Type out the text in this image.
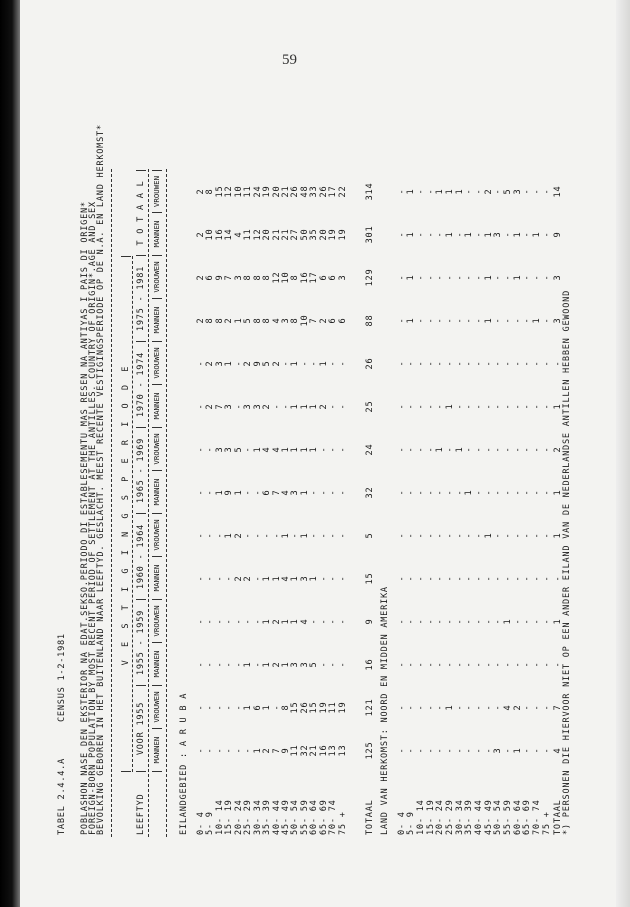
59
TABEL 2.4.4.A
CENSUS 1-2-1981 POBLASHON NASE DEN EKSTERIOR NA EDAT.SEKSO.PERIODO DI ESTABLESEMENTU MAS RESEN NA ANTIYAS I PAIS DI ORIGEN*
FOREIGN-BORN POPULATION BY MOST RECENT PERIOD OF SETTLEMENT AT THE ANTILLES. COUNTRY OF ORIGIN*.AGE AND SEX
BEVOLKING GEBOREN IN HET BUITENLAND NAAR LEEFTYD. GESLACHT. MEEST RECENTE VESTIGINGSPERIODE OP DE N.A. EN LAND HERKOMST* V E S T I G I N G S P E R I O D E
LEEFTYD
VOOR 1955
1955 - 1959
1960 - 1964
1965 - 1969
1970 - 1974
1975 - 1981
T O T A A L
MANNEN
VROUWEN
MANNEN
VROUWEN
MANNEN
VROUWEN
MANNEN
VROUWEN
MANNEN
VROUWEN
MANNEN
VROUWEN
MANNEN
VROUWEN
EILANDGEBIED : A R U B A 0- 4
-
-
-
-
-
-
-
-
-
-
2
2
2
2
5- 9
-
-
-
-
-
-
-
-
2
2
8
6
10
8
10- 14
-
-
-
-
-
-
1
3
7
3
8
9
16
15
15- 19
-
-
-
-
-
1
9
3
3
1
2
7
14
12
20- 24
-
-
-
-
2
2
1
5
-
-
1
3
4
10
25- 29
-
1
1
-
2
-
-
-
3
2
5
8
11
11
30- 34
1
6
-
-
-
-
-
1
3
9
8
8
12
24
35- 39
2
1
1
1
1
-
6
4
2
5
8
8
20
19
40- 44
7
-
2
2
1
-
7
4
-
2
4
12
21
20
45- 49
9
8
1
1
4
1
4
1
-
-
3
10
21
21
50- 54
11
15
3
1
1
-
3
1
1
1
8
8
27
26
55- 59
32
26
3
4
3
1
1
1
1
-
10
16
50
48
60- 64
21
15
5
-
1
-
-
1
1
-
7
17
35
33
65- 69
16
19
-
-
-
-
-
-
2
1
2
6
20
26
70- 74
13
11
-
-
-
-
-
-
-
-
6
6
19
17
75 +
13
19
-
-
-
-
-
-
-
-
6
3
19
22
TOTAAL
125
121
16
9
15
5
32
24
25
26
88
129
301
314
LAND VAN HERKOMST: NOORD EN MIDDEN AMERIKA 0- 4
-
-
-
-
-
-
-
-
-
-
-
-
-
-
5- 9
-
-
-
-
-
-
-
-
-
-
1
1
1
1
10- 14
-
-
-
-
-
-
-
-
-
-
-
-
-
-
15- 19
-
-
-
-
-
-
-
-
-
-
-
-
-
-
20- 24
-
-
-
-
-
-
-
1
-
-
-
-
-
1
25- 29
-
1
-
-
-
-
-
-
1
-
-
-
1
1
30- 34
-
-
-
-
-
-
-
1
-
-
-
-
-
1
35- 39
-
-
-
-
-
-
1
-
-
-
-
-
1
-
40- 44
-
-
-
-
-
-
-
-
-
-
-
-
-
-
45- 49
-
-
-
-
-
1
-
-
-
-
1
1
1
2
50- 54
3
-
-
-
-
-
-
-
-
-
-
-
3
-
55- 59
-
4
-
1
-
-
-
-
-
-
-
-
-
5
60- 64
1
2
-
-
-
-
-
-
-
-
-
1
1
3
65- 69
-
-
-
-
-
-
-
-
-
-
-
-
-
-
70- 74
-
-
-
-
-
-
-
-
-
-
1
-
1
-
75 +
-
-
-
-
-
-
-
-
-
-
-
-
-
-
TOTAAL
4
7
-
1
-
1
1
2
1
-
3
3
9
14
*) PERSONEN DIE HIERVOOR NIET OP EEN ANDER EILAND VAN DE NEDERLANDSE ANTILLEN HEBBEN GEWOOND
